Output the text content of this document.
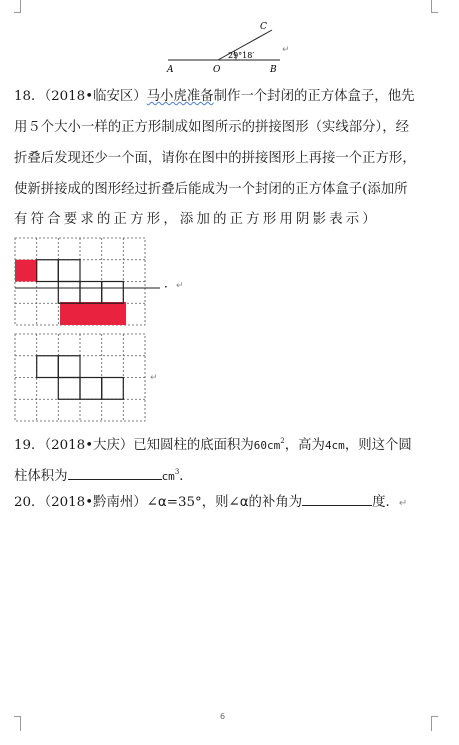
A	O	B
C
29°18′
↵
18．（2018•临安区）马小虎准备制作一个封闭的正方体盒子，他先
用５个大小一样的正方形制成如图所示的拼接图形（实线部分），经
折叠后发现还少一个面，请你在图中的拼接图形上再接一个正方形，
使新拼接成的图形经过折叠后能成为一个封闭的正方体盒子(添加所
有符合要求的正方形，添加的正方形用阴影表示）
． ↵
↵
19．（2018•大庆）已知圆柱的底面积为$60cm^2$，高为4cm，则这个圆
柱体积为	$cm^3$．
20．（2018•黔南州）∠α=35°，则∠α的补角为	度．↵
6
